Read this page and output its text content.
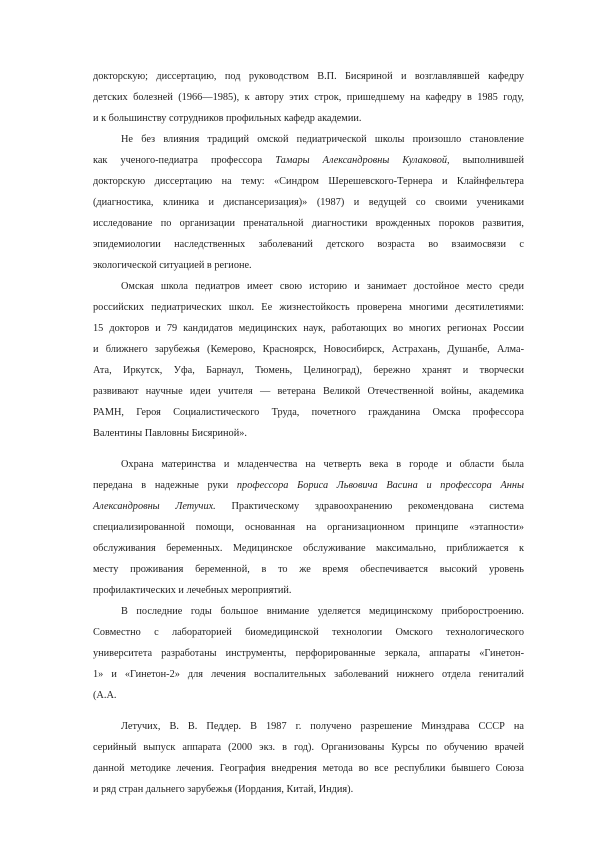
докторскую; диссертацию, под руководством В.П. Бисяриной и возглавлявшей кафедру
детских болезней (1966—1985), к автору этих строк, пришедшему на кафедру в 1985 году,
и к большинству сотрудников профильных кафедр академии.
Не без влияния традиций омской педиатрической школы произошло становление
как ученого-педиатра профессора Тамары Александровны Кулаковой, выполнившей
докторскую диссертацию на тему: «Синдром Шерешевского-Тернера и Клайнфельтера
(диагностика, клиника и диспансеризация)» (1987) и ведущей со своими учениками
исследование по организации пренатальной диагностики врожденных пороков развития,
эпидемиологии наследственных заболеваний детского возраста во взаимосвязи с
экологической ситуацией в регионе.
Омская школа педиатров имеет свою историю и занимает достойное место среди
российских педиатрических школ. Ее жизнестойкость проверена многими десятилетиями:
15 докторов и 79 кандидатов медицинских наук, работающих во многих регионах России
и ближнего зарубежья (Кемерово, Красноярск, Новосибирск, Астрахань, Душанбе, Алма-
Ата, Иркутск, Уфа, Барнаул, Тюмень, Целиноград), бережно хранят и творчески
развивают научные идеи учителя — ветерана Великой Отечественной войны, академика
РАМН, Героя Социалистического Труда, почетного гражданина Омска профессора
Валентины Павловны Бисяриной».
Охрана материнства и младенчества на четверть века в городе и области была
передана в надежные руки профессора Бориса Львовича Васина и профессора Анны
Александровны Летучих. Практическому здравоохранению рекомендована система
специализированной помощи, основанная на организационном принципе «этапности»
обслуживания беременных. Медицинское обслуживание максимально, приближается к
месту проживания беременной, в то же время обеспечивается высокий уровень
профилактических и лечебных мероприятий.
В последние годы большое внимание уделяется медицинскому приборостроению.
Совместно с лабораторией биомедицинской технологии Омского технологического
университета разработаны инструменты, перфорированные зеркала, аппараты «Гинетон-
1» и «Гинетон-2» для лечения воспалительных заболеваний нижнего отдела гениталий
(А.А.
Летучих, В. В. Педдер. В 1987 г. получено разрешение Минздрава СССР на
серийный выпуск аппарата (2000 экз. в год). Организованы Курсы по обучению врачей
данной методике лечения. География внедрения метода во все республики бывшего Союза
и ряд стран дальнего зарубежья (Иордания, Китай, Индия).
